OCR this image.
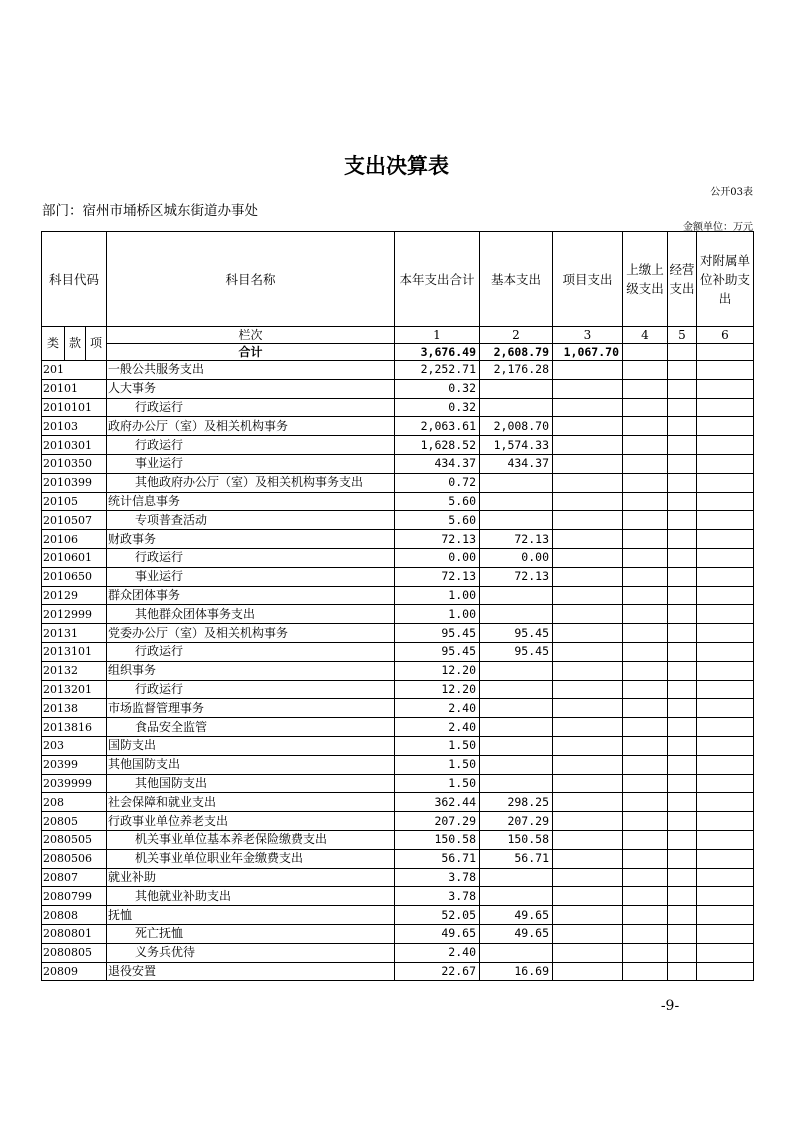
支出决算表
公开03表
部门：宿州市埇桥区城东街道办事处
金额单位：万元
科目代码			科目名称	本年支出合计	基本支出	项目支出	上缴上级支出	经营支出	对附属单位补助支出
类	款	项	栏次	1	2	3	4	5	6
			合计	3,676.49	2,608.79	1,067.70			
201			一般公共服务支出	2,252.71	2,176.28				
20101			人大事务	0.32					
2010101			行政运行	0.32					
20103			政府办公厅（室）及相关机构事务	2,063.61	2,008.70				
2010301			行政运行	1,628.52	1,574.33				
2010350			事业运行	434.37	434.37				
2010399			其他政府办公厅（室）及相关机构事务支出	0.72					
20105			统计信息事务	5.60					
2010507			专项普查活动	5.60					
20106			财政事务	72.13	72.13				
2010601			行政运行	0.00	0.00				
2010650			事业运行	72.13	72.13				
20129			群众团体事务	1.00					
2012999			其他群众团体事务支出	1.00					
20131			党委办公厅（室）及相关机构事务	95.45	95.45				
2013101			行政运行	95.45	95.45				
20132			组织事务	12.20					
2013201			行政运行	12.20					
20138			市场监督管理事务	2.40					
2013816			食品安全监管	2.40					
203			国防支出	1.50					
20399			其他国防支出	1.50					
2039999			其他国防支出	1.50					
208			社会保障和就业支出	362.44	298.25				
20805			行政事业单位养老支出	207.29	207.29				
2080505			机关事业单位基本养老保险缴费支出	150.58	150.58				
2080506			机关事业单位职业年金缴费支出	56.71	56.71				
20807			就业补助	3.78					
2080799			其他就业补助支出	3.78					
20808			抚恤	52.05	49.65				
2080801			死亡抚恤	49.65	49.65				
2080805			义务兵优待	2.40					
20809			退役安置	22.67	16.69				
-9-
